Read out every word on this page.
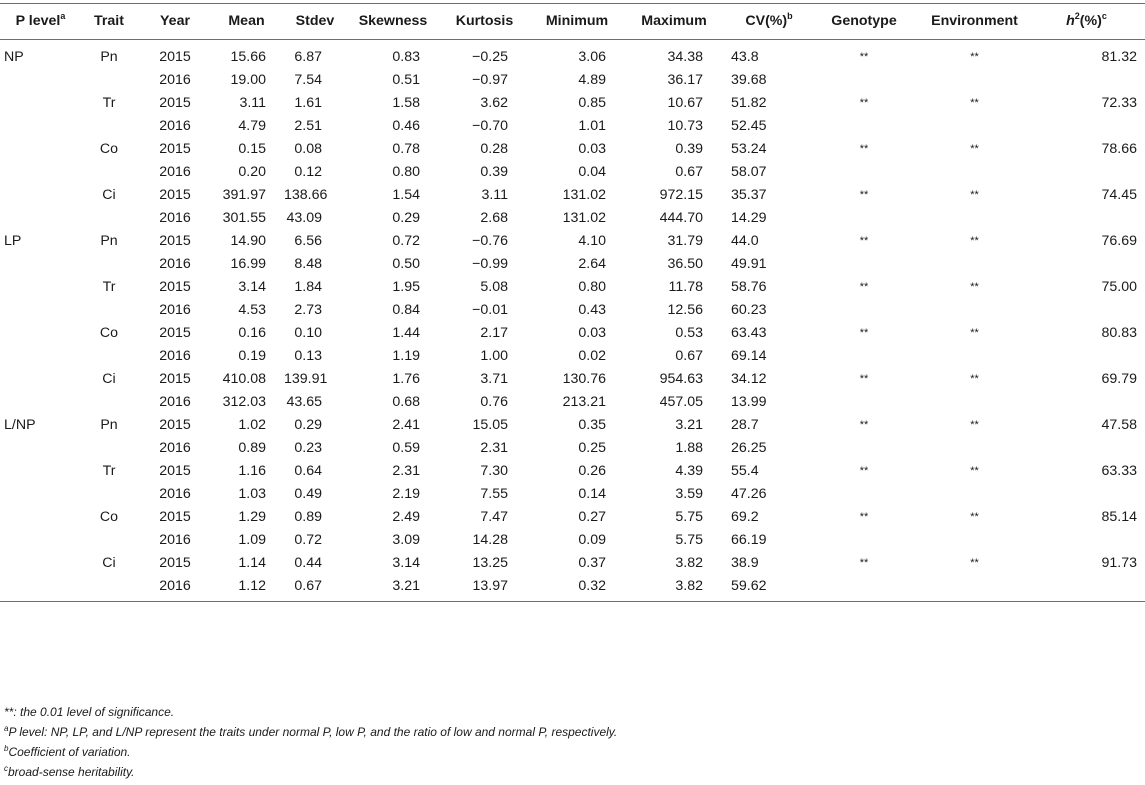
P level$^a$	Trait	Year	Mean	Stdev	Skewness	Kurtosis	Minimum	Maximum	CV(%)$^b$	Genotype	Environment	$h^2(\%)^c$
NP	Pn	2015	15.66	6.87	0.83	−0.25	3.06	34.38	43.8	**	**	81.32
		2016	19.00	7.54	0.51	−0.97	4.89	36.17	39.68			
	Tr	2015	3.11	1.61	1.58	3.62	0.85	10.67	51.82	**	**	72.33
		2016	4.79	2.51	0.46	−0.70	1.01	10.73	52.45			
	Co	2015	0.15	0.08	0.78	0.28	0.03	0.39	53.24	**	**	78.66
		2016	0.20	0.12	0.80	0.39	0.04	0.67	58.07			
	Ci	2015	391.97	138.66	1.54	3.11	131.02	972.15	35.37	**	**	74.45
		2016	301.55	43.09	0.29	2.68	131.02	444.70	14.29			
LP	Pn	2015	14.90	6.56	0.72	−0.76	4.10	31.79	44.0	**	**	76.69
		2016	16.99	8.48	0.50	−0.99	2.64	36.50	49.91			
	Tr	2015	3.14	1.84	1.95	5.08	0.80	11.78	58.76	**	**	75.00
		2016	4.53	2.73	0.84	−0.01	0.43	12.56	60.23			
	Co	2015	0.16	0.10	1.44	2.17	0.03	0.53	63.43	**	**	80.83
		2016	0.19	0.13	1.19	1.00	0.02	0.67	69.14			
	Ci	2015	410.08	139.91	1.76	3.71	130.76	954.63	34.12	**	**	69.79
		2016	312.03	43.65	0.68	0.76	213.21	457.05	13.99			
L/NP	Pn	2015	1.02	0.29	2.41	15.05	0.35	3.21	28.7	**	**	47.58
		2016	0.89	0.23	0.59	2.31	0.25	1.88	26.25			
	Tr	2015	1.16	0.64	2.31	7.30	0.26	4.39	55.4	**	**	63.33
		2016	1.03	0.49	2.19	7.55	0.14	3.59	47.26			
	Co	2015	1.29	0.89	2.49	7.47	0.27	5.75	69.2	**	**	85.14
		2016	1.09	0.72	3.09	14.28	0.09	5.75	66.19			
	Ci	2015	1.14	0.44	3.14	13.25	0.37	3.82	38.9	**	**	91.73
		2016	1.12	0.67	3.21	13.97	0.32	3.82	59.62			
**: the 0.01 level of significance.
$^a$P level: NP, LP, and L/NP represent the traits under normal P, low P, and the ratio of low and normal P, respectively.
$^b$Coefficient of variation.
$^c$broad-sense heritability.
